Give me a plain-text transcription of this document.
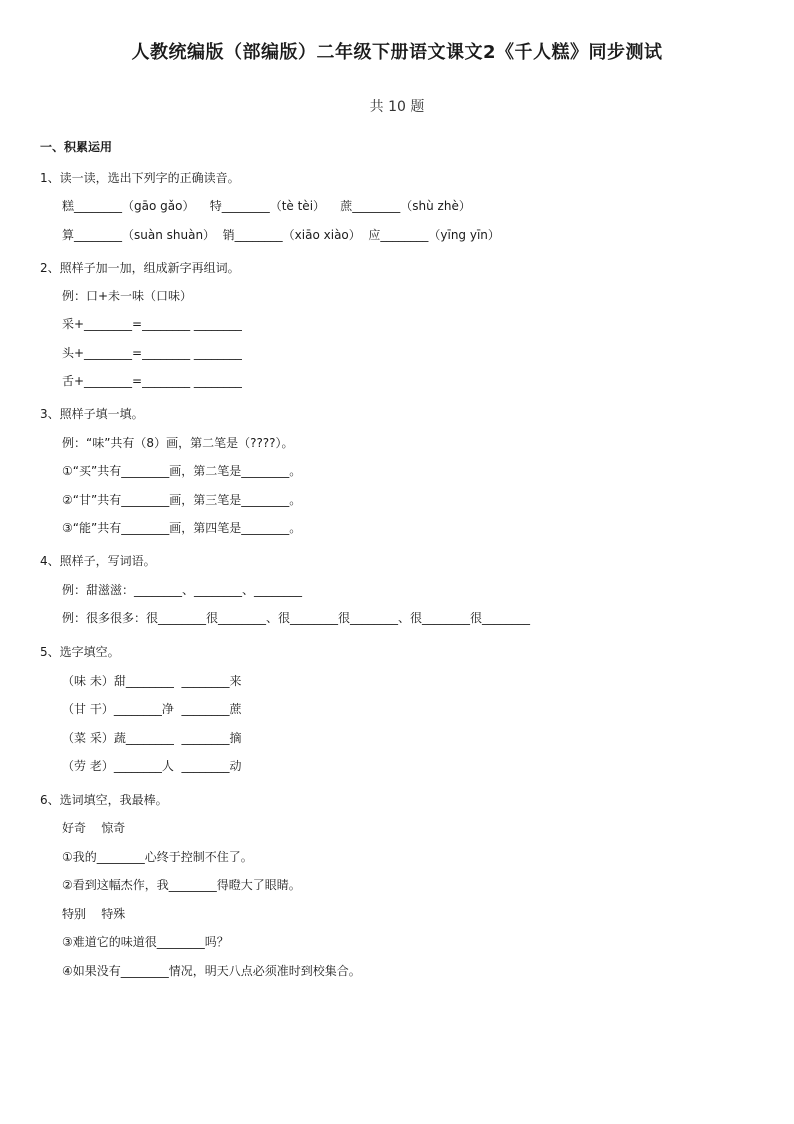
人教统编版（部编版）二年级下册语文课文2《千人糕》同步测试
共 10 题
一、积累运用
1、读一读，选出下列字的正确读音。
糕________（gāo gǎo）    特________（tè tèi）    蔗________（shù zhè）
算________（suàn shuàn）  销________（xiāo xiào）  应________（yīng yīn）
2、照样子加一加，组成新字再组词。
例：口+未一味（口味）
采+________=________ ________
头+________=________ ________
舌+________=________ ________
3、照样子填一填。
例：“味”共有（8）画，第二笔是（????）。
①“买”共有________画，第二笔是________。
②“甘”共有________画，第三笔是________。
③“能”共有________画，第四笔是________。
4、照样子，写词语。
例：甜滋滋：________、________、________
例：很多很多：很________很________、很________很________、很________很________
5、选字填空。
（味 未）甜________  ________来
（甘 干）________净  ________蔗
（菜 采）蔬________  ________摘
（劳 老）________人  ________动
6、选词填空，我最棒。
好奇    惊奇
①我的________心终于控制不住了。
②看到这幅杰作，我________得瞪大了眼睛。
特别    特殊
③难道它的味道很________吗？
④如果没有________情况，明天八点必须准时到校集合。
